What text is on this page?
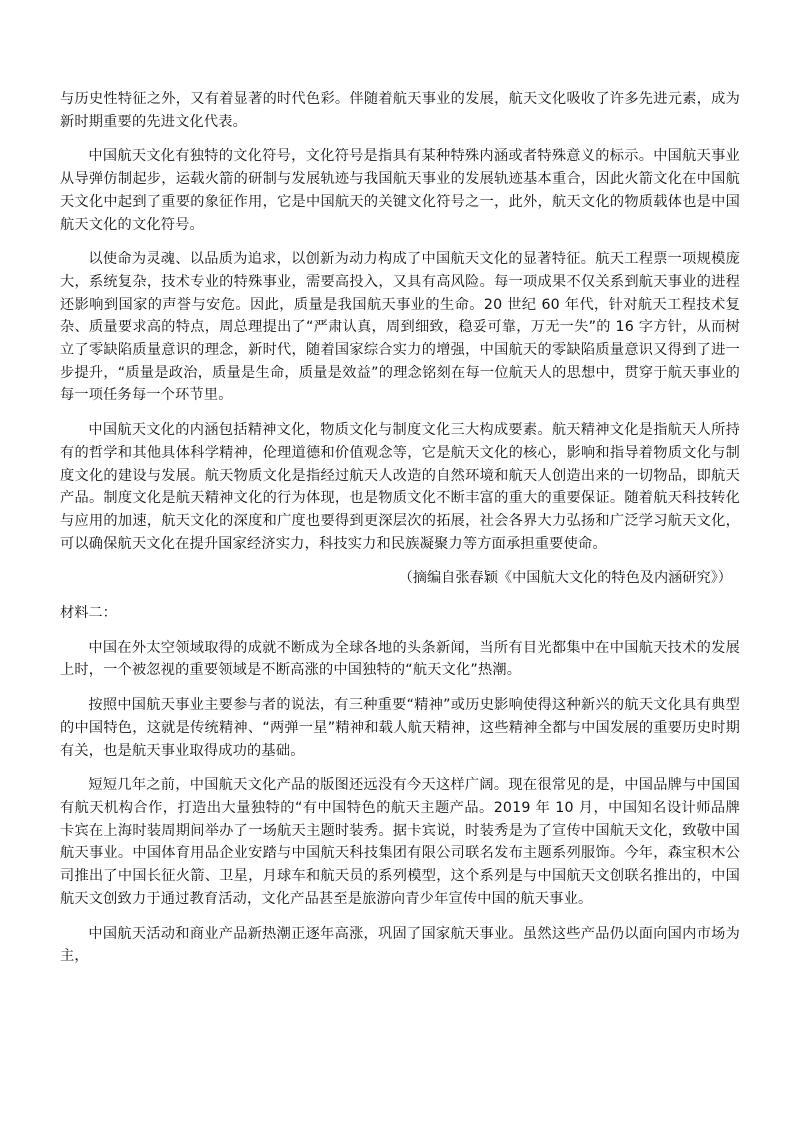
与历史性特征之外，又有着显著的时代色彩。伴随着航天事业的发展，航天文化吸收了许多先进元素，成为新时期重要的先进文化代表。

中国航天文化有独特的文化符号，文化符号是指具有某种特殊内涵或者特殊意义的标示。中国航天事业从导弹仿制起步，运载火箭的研制与发展轨迹与我国航天事业的发展轨迹基本重合，因此火箭文化在中国航天文化中起到了重要的象征作用，它是中国航天的关键文化符号之一，此外，航天文化的物质载体也是中国航天文化的文化符号。

以使命为灵魂、以品质为追求，以创新为动力构成了中国航天文化的显著特征。航天工程票一项规模庞大，系统复杂，技术专业的特殊事业，需要高投入，又具有高风险。每一项成果不仅关系到航天事业的进程还影响到国家的声誉与安危。因此，质量是我国航天事业的生命。20 世纪 60 年代，针对航天工程技术复杂、质量要求高的特点，周总理提出了“严肃认真，周到细致，稳妥可靠，万无一失”的 16 字方针，从而树立了零缺陷质量意识的理念，新时代，随着国家综合实力的增强，中国航天的零缺陷质量意识又得到了进一步提升，“质量是政治，质量是生命，质量是效益”的理念铭刻在每一位航天人的思想中，贯穿于航天事业的每一项任务每一个环节里。

中国航天文化的内涵包括精神文化，物质文化与制度文化三大构成要素。航天精神文化是指航天人所持有的哲学和其他具体科学精神，伦理道德和价值观念等，它是航天文化的核心，影响和指导着物质文化与制度文化的建设与发展。航天物质文化是指经过航天人改造的自然环境和航天人创造出来的一切物品，即航天产品。制度文化是航天精神文化的行为体现，也是物质文化不断丰富的重大的重要保证。随着航天科技转化与应用的加速，航天文化的深度和广度也要得到更深层次的拓展，社会各界大力弘扬和广泛学习航天文化，可以确保航天文化在提升国家经济实力，科技实力和民族凝聚力等方面承担重要使命。

（摘编自张春颖《中国航大文化的特色及内涵研究》）

材料二：

中国在外太空领域取得的成就不断成为全球各地的头条新闻，当所有目光都集中在中国航天技术的发展上时，一个被忽视的重要领域是不断高涨的中国独特的“航天文化”热潮。

按照中国航天事业主要参与者的说法，有三种重要“精神”或历史影响使得这种新兴的航天文化具有典型的中国特色，这就是传统精神、“两弹一星”精神和载人航天精神，这些精神全都与中国发展的重要历史时期有关，也是航天事业取得成功的基础。

短短几年之前，中国航天文化产品的版图还远没有今天这样广阔。现在很常见的是，中国品牌与中国国有航天机构合作，打造出大量独特的“有中国特色的航天主题产品。2019 年 10 月，中国知名设计师品牌卡宾在上海时装周期间举办了一场航天主题时装秀。据卡宾说，时装秀是为了宣传中国航天文化，致敬中国航天事业。中国体育用品企业安踏与中国航天科技集团有限公司联名发布主题系列服饰。今年，森宝积木公司推出了中国长征火箭、卫星，月球车和航天员的系列模型，这个系列是与中国航天文创联名推出的，中国航天文创致力于通过教育活动，文化产品甚至是旅游向青少年宣传中国的航天事业。

中国航天活动和商业产品新热潮正逐年高涨，巩固了国家航天事业。虽然这些产品仍以面向国内市场为主，
